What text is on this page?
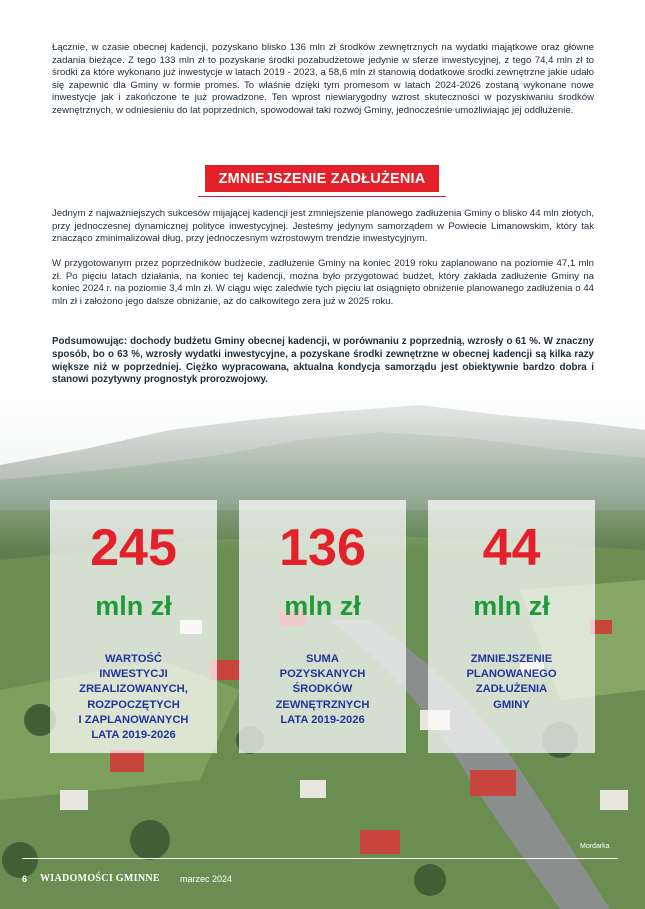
Łącznie, w czasie obecnej kadencji, pozyskano blisko 136 mln zł środków zewnętrznych na wydatki majątkowe oraz główne zadania bieżące. Z tego 133 mln zł to pozyskane środki pozabudżetowe jedynie w sferze inwestycyjnej, z tego 74,4 mln zł to środki za które wykonano już inwestycje w latach 2019 - 2023, a 58,6 mln zł stanowią dodatkowe środki zewnętrzne jakie udało się zapewnić dla Gminy w formie promes. To właśnie dzięki tym promesom w latach 2024-2026 zostaną wykonane nowe inwestycje jak i zakończone te już prowadzone. Ten wprost niewiarygodny wzrost skuteczności w pozyskiwaniu środków zewnętrznych, w odniesieniu do lat poprzednich, spowodował taki rozwój Gminy, jednocześnie umożliwiając jej oddłużenie.

ZMNIEJSZENIE ZADŁUŻENIA

Jednym z najważniejszych sukcesów mijającej kadencji jest zmniejszenie planowego zadłużenia Gminy o blisko 44 mln złotych, przy jednoczesnej dynamicznej polityce inwestycyjnej. Jesteśmy jedynym samorządem w Powiecie Limanowskim, który tak znacząco zminimalizował dług, przy jednoczesnym wzrostowym trendzie inwestycyjnym.

W przygotowanym przez poprzedników budżecie, zadłużenie Gminy na koniec 2019 roku zaplanowano na poziomie 47,1 mln zł. Po pięciu latach działania, na koniec tej kadencji, można było przygotować budżet, który zakłada zadłużenie Gminy na koniec 2024 r. na poziomie 3,4 mln zł. W ciągu więc zaledwie tych pięciu lat osiągnięto obniżenie planowanego zadłużenia o 44 mln zł i założono jego dalsze obniżanie, aż do całkowitego zera już w 2025 roku.

Podsumowując: dochody budżetu Gminy obecnej kadencji, w porównaniu z poprzednią, wzrosły o 61 %. W znaczny sposób, bo o 63 %, wzrosły wydatki inwestycyjne, a pozyskane środki zewnętrzne w obecnej kadencji są kilka razy większe niż w poprzedniej. Ciężko wypracowana, aktualna kondycja samorządu jest obiektywnie bardzo dobra i stanowi pozytywny prognostyk prorozwojowy.

245
mln zł
WARTOŚĆ
INWESTYCJI
ZREALIZOWANYCH,
ROZPOCZĘTYCH
I ZAPLANOWANYCH
LATA 2019-2026
136
mln zł
SUMA
POZYSKANYCH
ŚRODKÓW
ZEWNĘTRZNYCH
LATA 2019-2026
44
mln zł
ZMNIEJSZENIE
PLANOWANEGO
ZADŁUŻENIA
GMINY
Mordarka
6 WIADOMOŚCI GMINNE marzec 2024
